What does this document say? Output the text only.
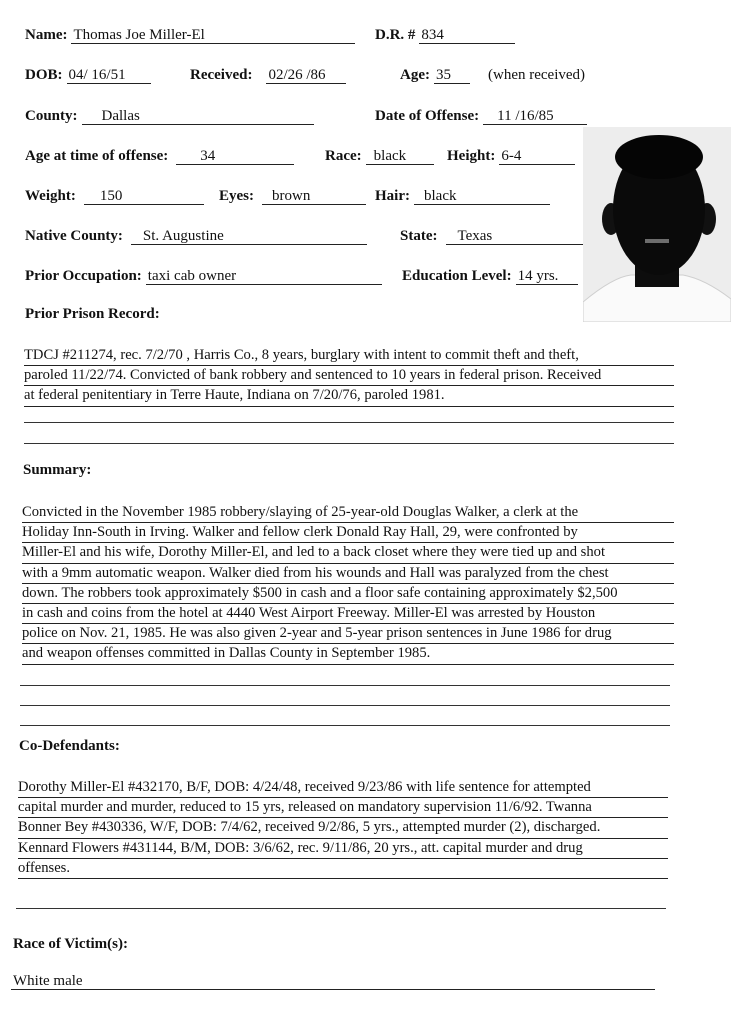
Name: Thomas Joe Miller-El	D.R. # 834
DOB: 04/ 16/51	Received: 02/26 /86	Age: 35 (when received)
County: Dallas	Date of Offense: 11 /16/85
Age at time of offense: 34	Race: black	Height: 6-4
Weight: 150	Eyes: brown	Hair: black
Native County: St. Augustine	State: Texas
Prior Occupation: taxi cab owner	Education Level: 14 yrs.
Prior Prison Record:
TDCJ #211274, rec. 7/2/70 , Harris Co., 8 years, burglary with intent to commit theft and theft,
paroled 11/22/74. Convicted of bank robbery and sentenced to 10 years in federal prison. Received
at federal penitentiary in Terre Haute, Indiana on 7/20/76, paroled 1981.
Summary:
Convicted in the November 1985 robbery/slaying of 25-year-old Douglas Walker, a clerk at the
Holiday Inn-South in Irving. Walker and fellow clerk Donald Ray Hall, 29, were confronted by
Miller-El and his wife, Dorothy Miller-El, and led to a back closet where they were tied up and shot
with a 9mm automatic weapon. Walker died from his wounds and Hall was paralyzed from the chest
down. The robbers took approximately $500 in cash and a floor safe containing approximately $2,500
in cash and coins from the hotel at 4440 West Airport Freeway. Miller-El was arrested by Houston
police on Nov. 21, 1985. He was also given 2-year and 5-year prison sentences in June 1986 for drug
and weapon offenses committed in Dallas County in September 1985.
Co-Defendants:
Dorothy Miller-El #432170, B/F, DOB: 4/24/48, received 9/23/86 with life sentence for attempted
capital murder and murder, reduced to 15 yrs, released on mandatory supervision 11/6/92. Twanna
Bonner Bey #430336, W/F, DOB: 7/4/62, received 9/2/86, 5 yrs., attempted murder (2), discharged.
Kennard Flowers #431144, B/M, DOB: 3/6/62, rec. 9/11/86, 20 yrs., att. capital murder and drug
offenses.
Race of Victim(s):
White male
